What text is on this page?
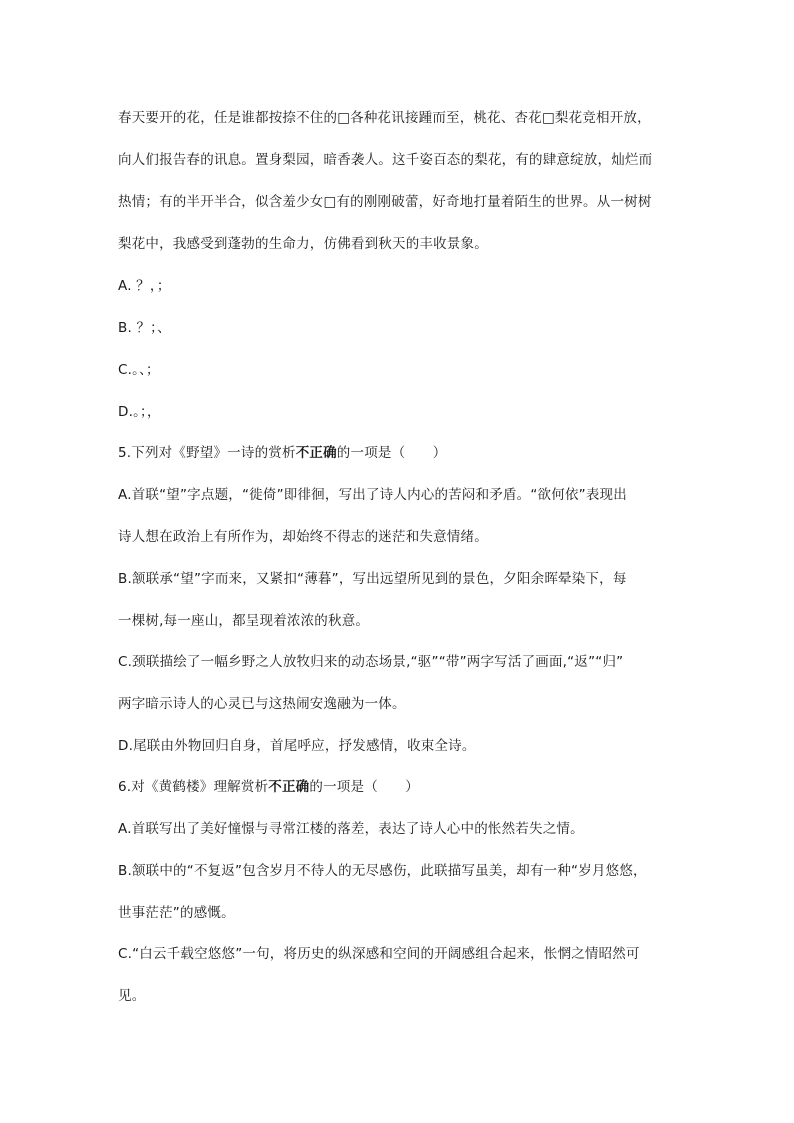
春天要开的花，任是谁都按捺不住的□各种花讯接踵而至，桃花、杏花□梨花竞相开放，
向人们报告春的讯息。置身梨园，暗香袭人。这千姿百态的梨花，有的肆意绽放，灿烂而
热情；有的半开半合，似含羞少女□有的刚刚破蕾，好奇地打量着陌生的世界。从一树树
梨花中，我感受到蓬勃的生命力，仿佛看到秋天的丰收景象。
A. ？，；
B. ？；、
C.。、；
D.。；，
5.下列对《野望》一诗的赏析不正确的一项是（　　）
A.首联“望”字点题，“徙倚”即徘徊，写出了诗人内心的苦闷和矛盾。“欲何依”表现出
诗人想在政治上有所作为，却始终不得志的迷茫和失意情绪。
B.颔联承“望”字而来，又紧扣“薄暮”，写出远望所见到的景色，夕阳余晖晕染下，每
一棵树,每一座山，都呈现着浓浓的秋意。
C.颈联描绘了一幅乡野之人放牧归来的动态场景,“驱”“带”两字写活了画面,“返”“归”
两字暗示诗人的心灵已与这热闹安逸融为一体。
D.尾联由外物回归自身，首尾呼应，抒发感情，收束全诗。
6.对《黄鹤楼》理解赏析不正确的一项是（　　）
A.首联写出了美好憧憬与寻常江楼的落差，表达了诗人心中的怅然若失之情。
B.颔联中的“不复返”包含岁月不待人的无尽感伤，此联描写虽美，却有一种“岁月悠悠，
世事茫茫”的感慨。
C.“白云千载空悠悠”一句，将历史的纵深感和空间的开阔感组合起来，怅惘之情昭然可
见。
